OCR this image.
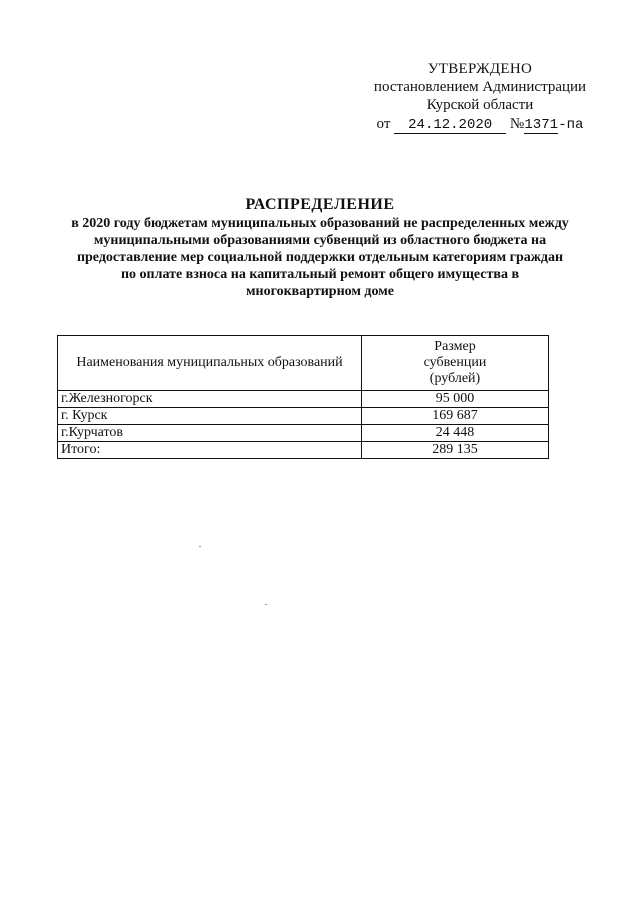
УТВЕРЖДЕНО
постановлением Администрации
Курской области
от 24.12.2020 №1371-па
РАСПРЕДЕЛЕНИЕ
в 2020 году бюджетам муниципальных образований не распределенных между муниципальными образованиями субвенций из областного бюджета на предоставление мер социальной поддержки отдельным категориям граждан по оплате взноса на капитальный ремонт общего имущества в многоквартирном доме
Наименования муниципальных образований	Размер субвенции (рублей)
г.Железногорск	95 000
г. Курск	169 687
г.Курчатов	24 448
Итого:	289 135
